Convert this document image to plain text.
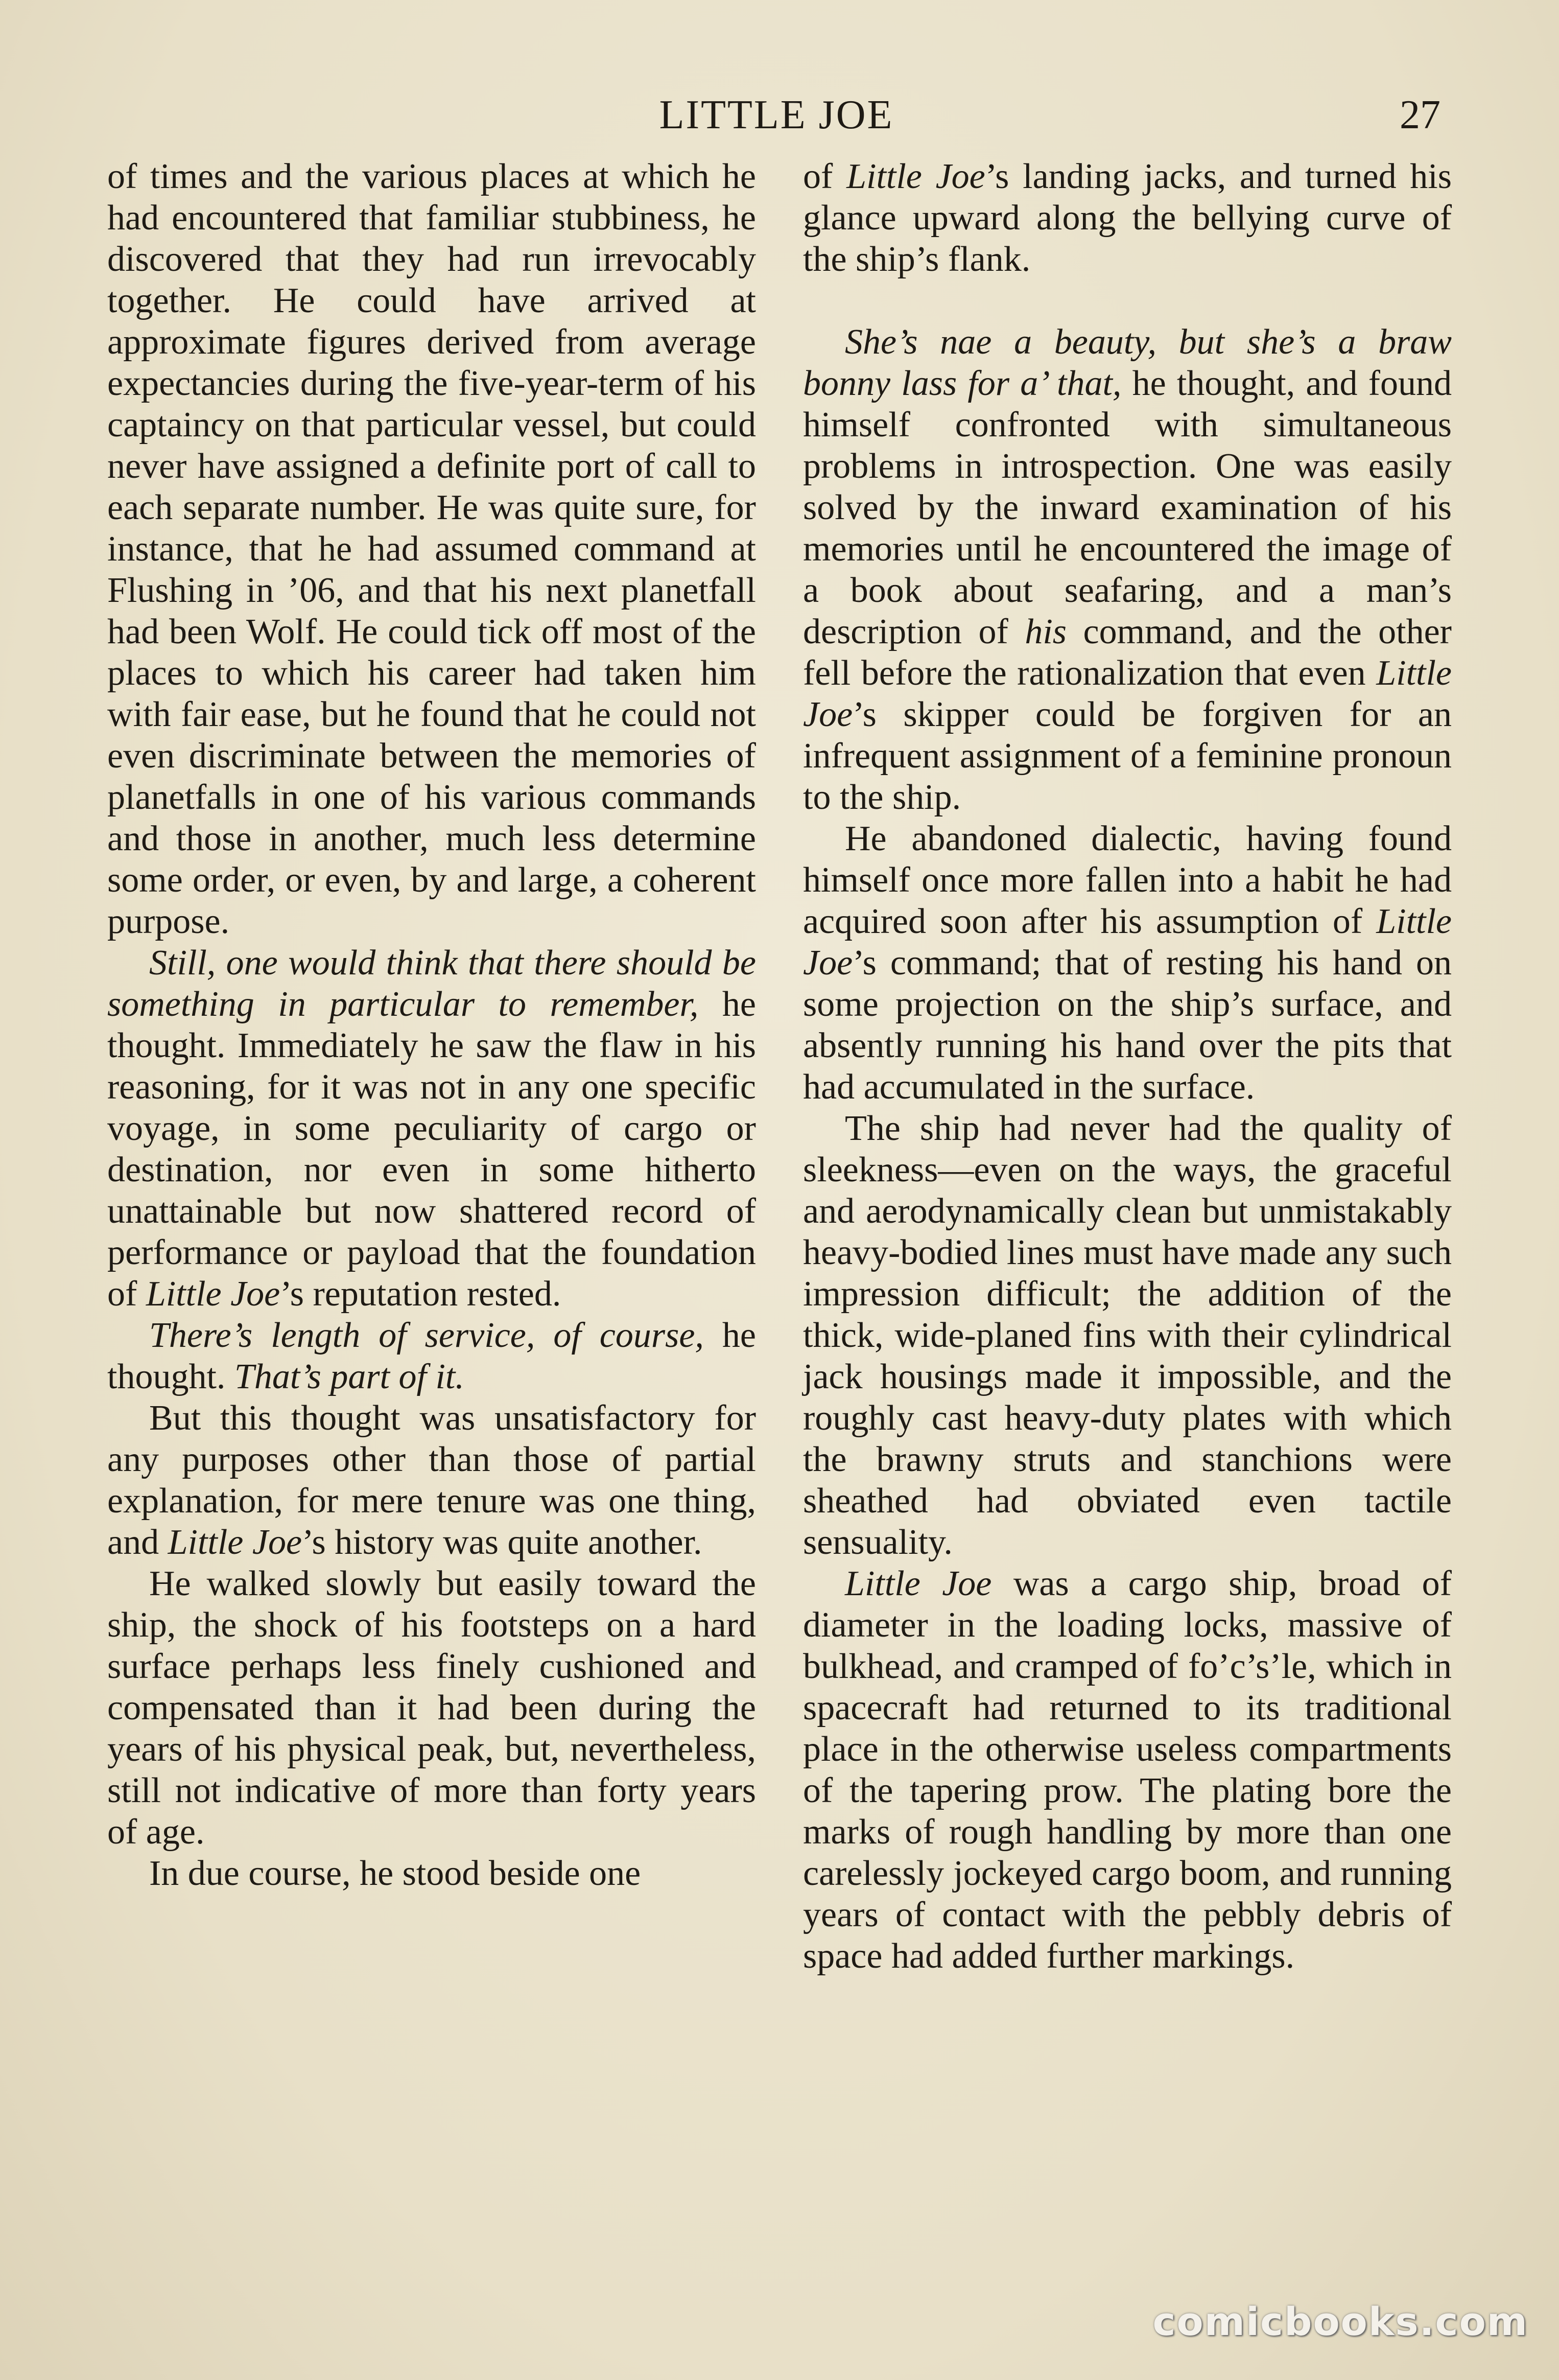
LITTLE JOE	27

of times and the various places at which he had encountered that familiar stubbiness, he discovered that they had run irrevocably together. He could have arrived at approximate figures derived from average expectancies during the five-year-term of his captaincy on that particular vessel, but could never have assigned a definite port of call to each separate number. He was quite sure, for instance, that he had assumed command at Flushing in ’06, and that his next planetfall had been Wolf. He could tick off most of the places to which his career had taken him with fair ease, but he found that he could not even discriminate between the memories of planetfalls in one of his various commands and those in another, much less determine some order, or even, by and large, a coherent purpose.

Still, one would think that there should be something in particular to remember, he thought. Immediately he saw the flaw in his reasoning, for it was not in any one specific voyage, in some peculiarity of cargo or destination, nor even in some hitherto unattainable but now shattered record of performance or payload that the foundation of Little Joe’s reputation rested.

There’s length of service, of course, he thought. That’s part of it.

But this thought was unsatisfactory for any purposes other than those of partial explanation, for mere tenure was one thing, and Little Joe’s history was quite another.

He walked slowly but easily toward the ship, the shock of his footsteps on a hard surface perhaps less finely cushioned and compensated than it had been during the years of his physical peak, but, nevertheless, still not indicative of more than forty years of age.

In due course, he stood beside one

of Little Joe’s landing jacks, and turned his glance upward along the bellying curve of the ship’s flank.

She’s nae a beauty, but she’s a braw bonny lass for a’ that, he thought, and found himself confronted with simultaneous problems in introspection. One was easily solved by the inward examination of his memories until he encountered the image of a book about seafaring, and a man’s description of his command, and the other fell before the rationalization that even Little Joe’s skipper could be forgiven for an infrequent assignment of a feminine pronoun to the ship.

He abandoned dialectic, having found himself once more fallen into a habit he had acquired soon after his assumption of Little Joe’s command; that of resting his hand on some projection on the ship’s surface, and absently running his hand over the pits that had accumulated in the surface.

The ship had never had the quality of sleekness—even on the ways, the graceful and aerodynamically clean but unmistakably heavy-bodied lines must have made any such impression difficult; the addition of the thick, wide-planed fins with their cylindrical jack housings made it impossible, and the roughly cast heavy-duty plates with which the brawny struts and stanchions were sheathed had obviated even tactile sensuality.

Little Joe was a cargo ship, broad of diameter in the loading locks, massive of bulkhead, and cramped of fo’c’s’le, which in spacecraft had returned to its traditional place in the otherwise useless compartments of the tapering prow. The plating bore the marks of rough handling by more than one carelessly jockeyed cargo boom, and running years of contact with the pebbly debris of space had added further markings.

comicbooks.com
